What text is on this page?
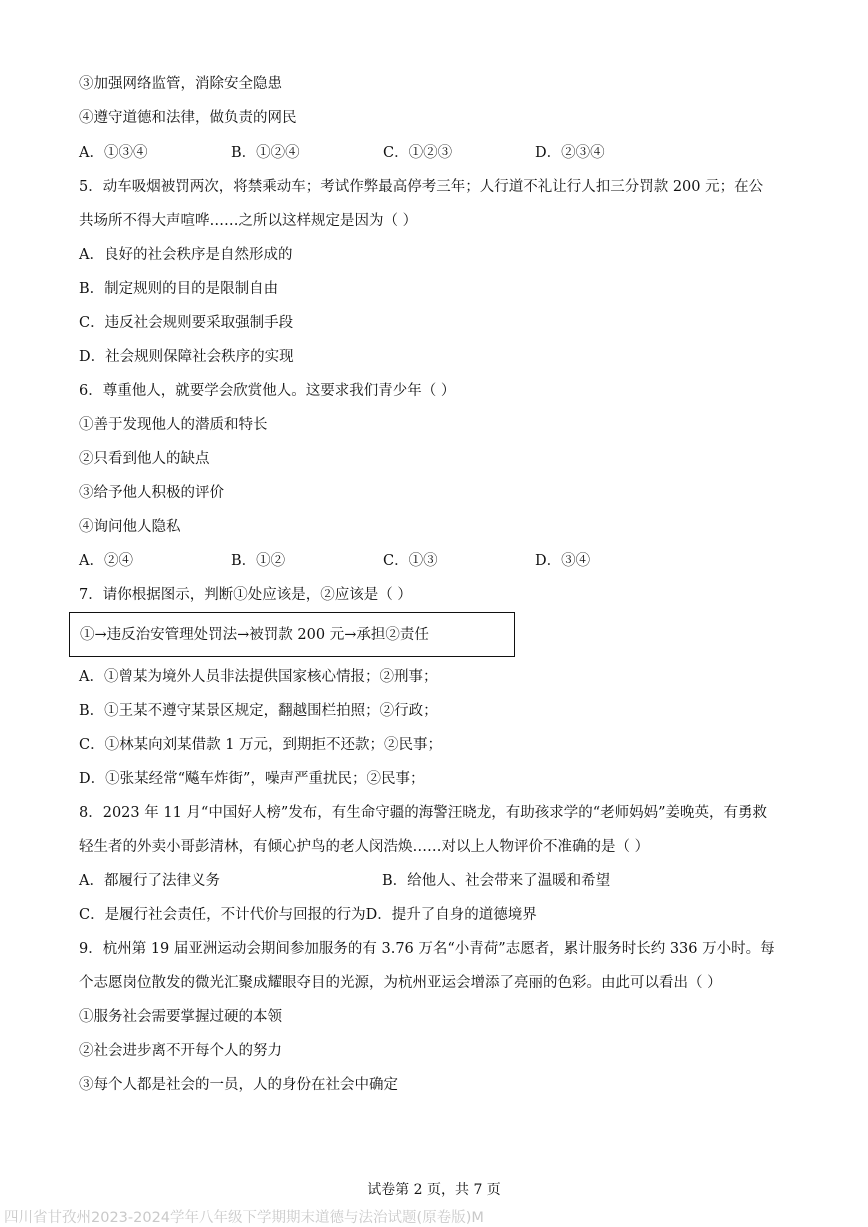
③加强网络监管，消除安全隐患
④遵守道德和法律，做负责的网民
A．①③④	B．①②④	C．①②③	D．②③④
5．动车吸烟被罚两次，将禁乘动车；考试作弊最高停考三年；人行道不礼让行人扣三分罚款 200 元；在公
共场所不得大声喧哗……之所以这样规定是因为（ ）
A．良好的社会秩序是自然形成的
B．制定规则的目的是限制自由
C．违反社会规则要采取强制手段
D．社会规则保障社会秩序的实现
6．尊重他人，就要学会欣赏他人。这要求我们青少年（ ）
①善于发现他人的潜质和特长
②只看到他人的缺点
③给予他人积极的评价
④询问他人隐私
A．②④	B．①②	C．①③	D．③④
7．请你根据图示，判断①处应该是，②应该是（ ）
①→违反治安管理处罚法→被罚款 200 元→承担②责任
A．①曾某为境外人员非法提供国家核心情报；②刑事；
B．①王某不遵守某景区规定，翻越围栏拍照；②行政；
C．①林某向刘某借款 1 万元，到期拒不还款；②民事；
D．①张某经常“飚车炸街”，噪声严重扰民；②民事；
8．2023 年 11 月“中国好人榜”发布，有生命守疆的海警汪晓龙，有助孩求学的“老师妈妈”姜晚英，有勇救
轻生者的外卖小哥彭清林，有倾心护鸟的老人闵浩焕……对以上人物评价不准确的是（ ）
A．都履行了法律义务	B．给他人、社会带来了温暖和希望
C．是履行社会责任，不计代价与回报的行为 D．提升了自身的道德境界
9．杭州第 19 届亚洲运动会期间参加服务的有 3.76 万名“小青荷”志愿者，累计服务时长约 336 万小时。每
个志愿岗位散发的微光汇聚成耀眼夺目的光源，为杭州亚运会增添了亮丽的色彩。由此可以看出（ ）
①服务社会需要掌握过硬的本领
②社会进步离不开每个人的努力
③每个人都是社会的一员，人的身份在社会中确定
试卷第 2 页，共 7 页
四川省甘孜州2023-2024学年八年级下学期期末道德与法治试题(原卷版)M
